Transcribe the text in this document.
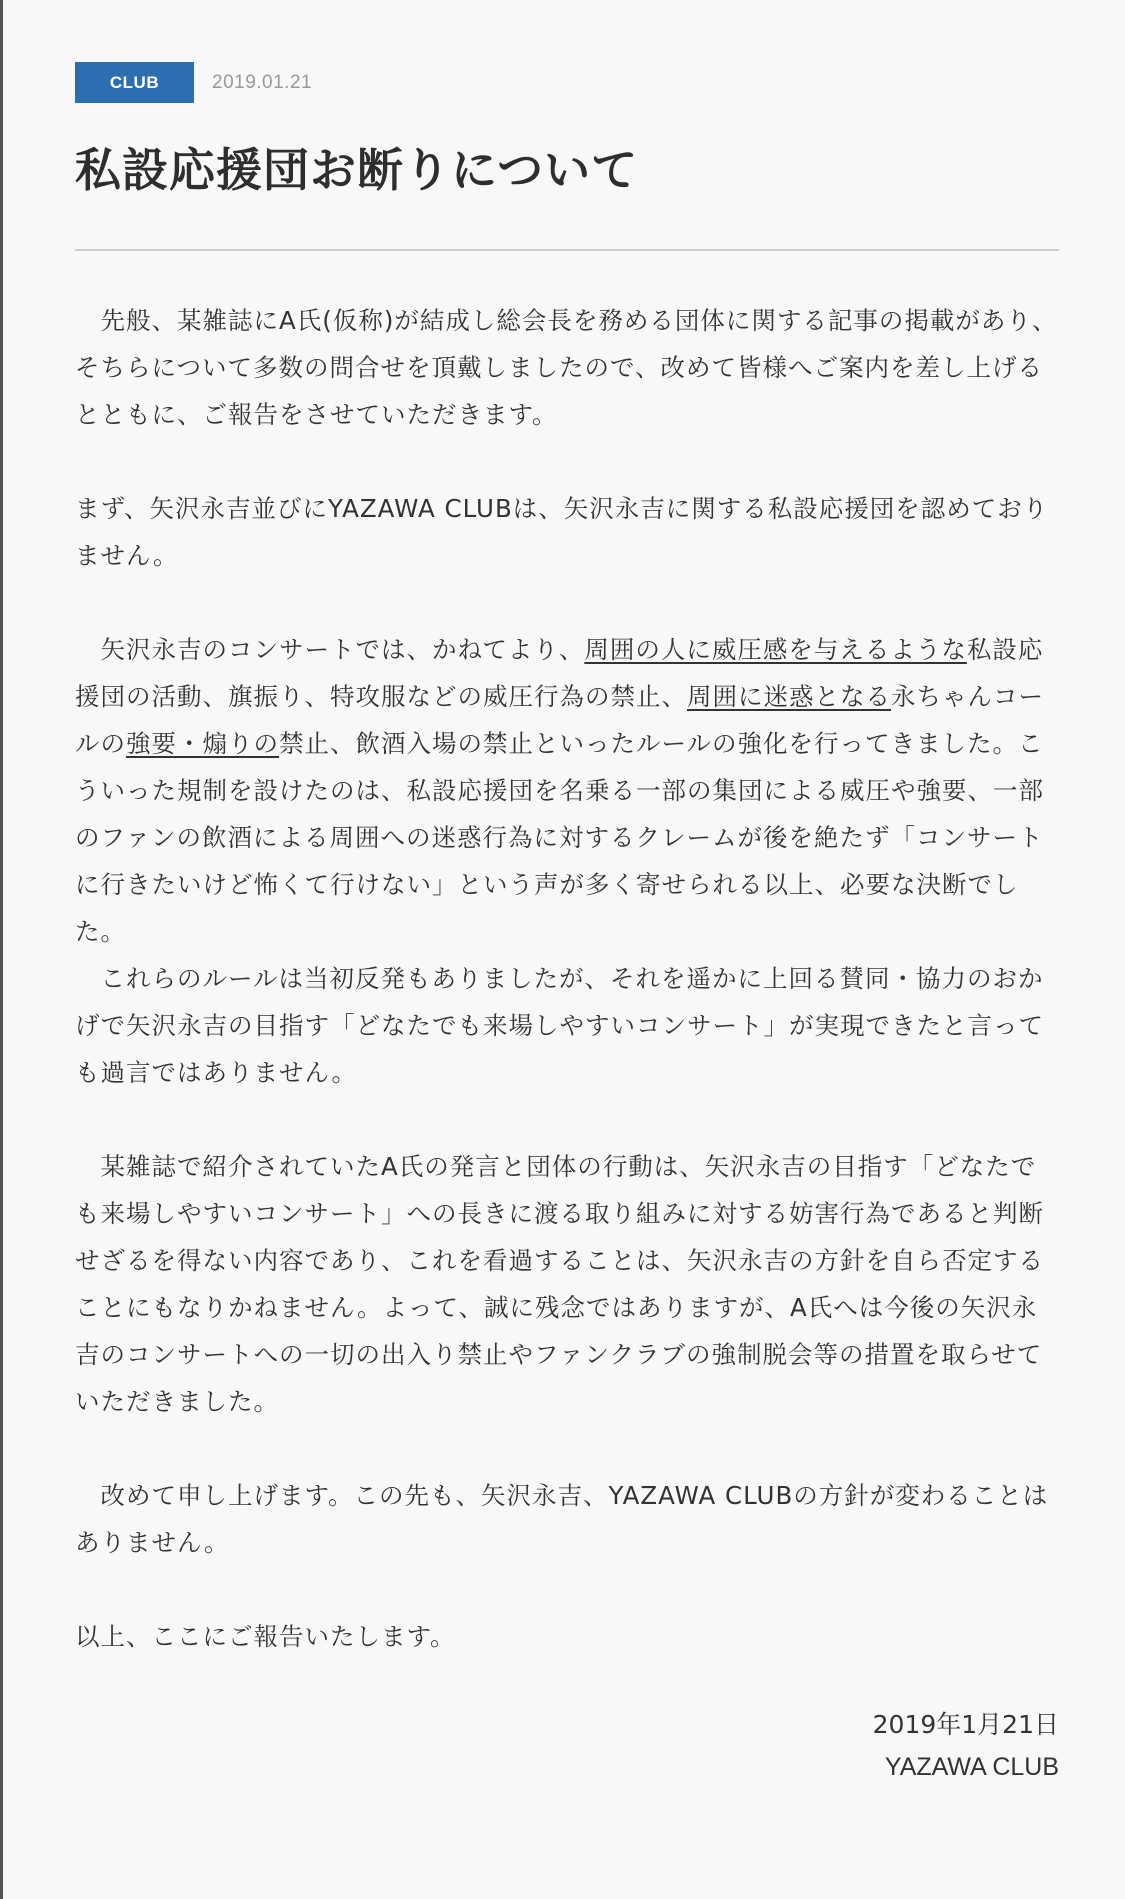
CLUB	2019.01.21
私設応援団お断りについて

　先般、某雑誌にA氏(仮称)が結成し総会長を務める団体に関する記事の掲載があり、そちらについて多数の問合せを頂戴しましたので、改めて皆様へご案内を差し上げるとともに、ご報告をさせていただきます。

まず、矢沢永吉並びにYAZAWA CLUBは、矢沢永吉に関する私設応援団を認めておりません。

　矢沢永吉のコンサートでは、かねてより、周囲の人に威圧感を与えるような私設応援団の活動、旗振り、特攻服などの威圧行為の禁止、周囲に迷惑となる永ちゃんコールの強要・煽りの禁止、飲酒入場の禁止といったルールの強化を行ってきました。こういった規制を設けたのは、私設応援団を名乗る一部の集団による威圧や強要、一部のファンの飲酒による周囲への迷惑行為に対するクレームが後を絶たず「コンサートに行きたいけど怖くて行けない」という声が多く寄せられる以上、必要な決断でした。

　これらのルールは当初反発もありましたが、それを遥かに上回る賛同・協力のおかげで矢沢永吉の目指す「どなたでも来場しやすいコンサート」が実現できたと言っても過言ではありません。

　某雑誌で紹介されていたA氏の発言と団体の行動は、矢沢永吉の目指す「どなたでも来場しやすいコンサート」への長きに渡る取り組みに対する妨害行為であると判断せざるを得ない内容であり、これを看過することは、矢沢永吉の方針を自ら否定することにもなりかねません。よって、誠に残念ではありますが、A氏へは今後の矢沢永吉のコンサートへの一切の出入り禁止やファンクラブの強制脱会等の措置を取らせていただきました。

　改めて申し上げます。この先も、矢沢永吉、YAZAWA CLUBの方針が変わることはありません。

以上、ここにご報告いたします。

2019年1月21日
YAZAWA CLUB
